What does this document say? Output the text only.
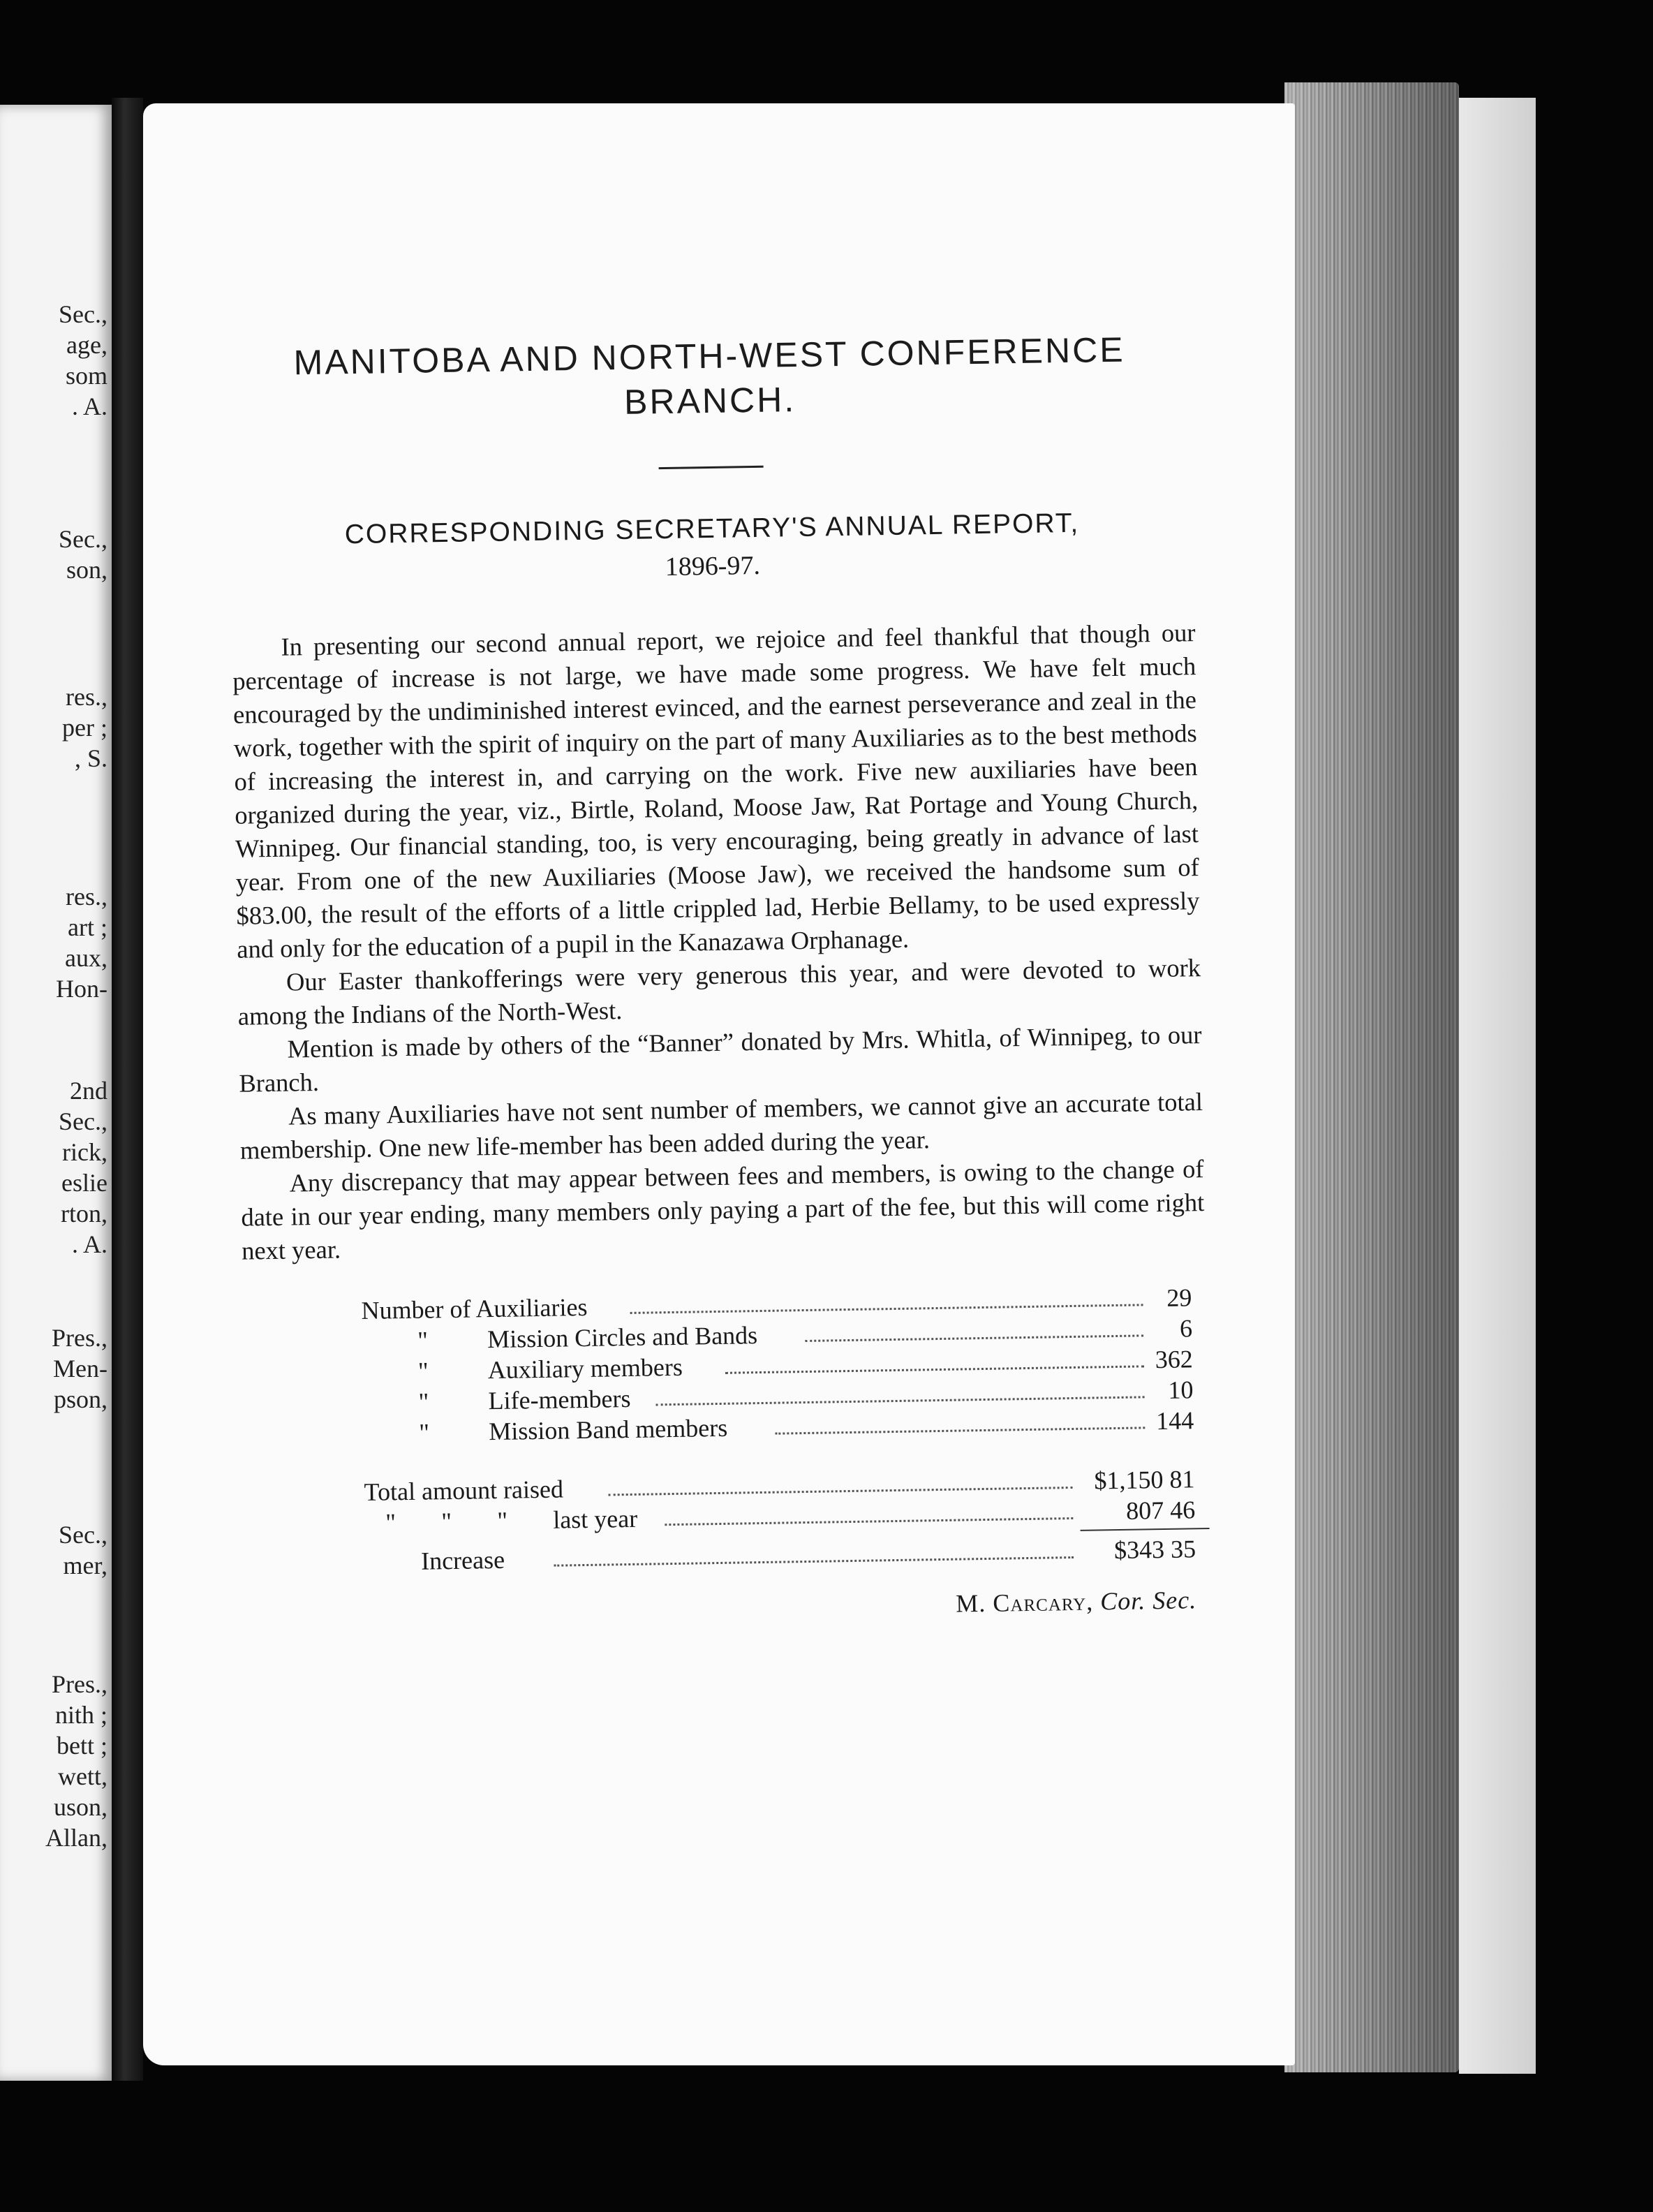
Sec.,
age,
som
. A.
Sec.,
son,
res.,
per ;
, S.
res.,
art ;
aux,
Hon-
2nd
Sec.,
rick,
eslie
rton,
. A.
Pres.,
Men-
pson,
Sec.,
mer,
Pres.,
nith ;
bett ;
wett,
uson,
Allan,
MANITOBA AND NORTH-WEST CONFERENCE
BRANCH.
CORRESPONDING SECRETARY'S ANNUAL REPORT,
1896-97.

In presenting our second annual report, we rejoice and feel thankful that though our percentage of increase is not large, we have made some progress. We have felt much encouraged by the undiminished interest evinced, and the earnest perseverance and zeal in the work, together with the spirit of inquiry on the part of many Auxiliaries as to the best methods of increasing the interest in, and carrying on the work. Five new auxiliaries have been organized during the year, viz., Birtle, Roland, Moose Jaw, Rat Portage and Young Church, Winnipeg. Our financial standing, too, is very encouraging, being greatly in advance of last year. From one of the new Auxiliaries (Moose Jaw), we received the handsome sum of $83.00, the result of the efforts of a little crippled lad, Herbie Bellamy, to be used expressly and only for the education of a pupil in the Kanazawa Orphanage.

Our Easter thankofferings were very generous this year, and were devoted to work among the Indians of the North-West.

Mention is made by others of the “Banner” donated by Mrs. Whitla, of Winnipeg, to our Branch.

As many Auxiliaries have not sent number of members, we cannot give an accurate total membership. One new life-member has been added during the year.

Any discrepancy that may appear between fees and members, is owing to the change of date in our year ending, many members only paying a part of the fee, but this will come right next year.

Number of Auxiliaries	29
" Mission Circles and Bands	6
" Auxiliary members	362
" Life-members	10
" Mission Band members	144
Total amount raised	$1,150 81
" " " last year	807 46
Increase	$343 35
M. Carcary, Cor. Sec.
